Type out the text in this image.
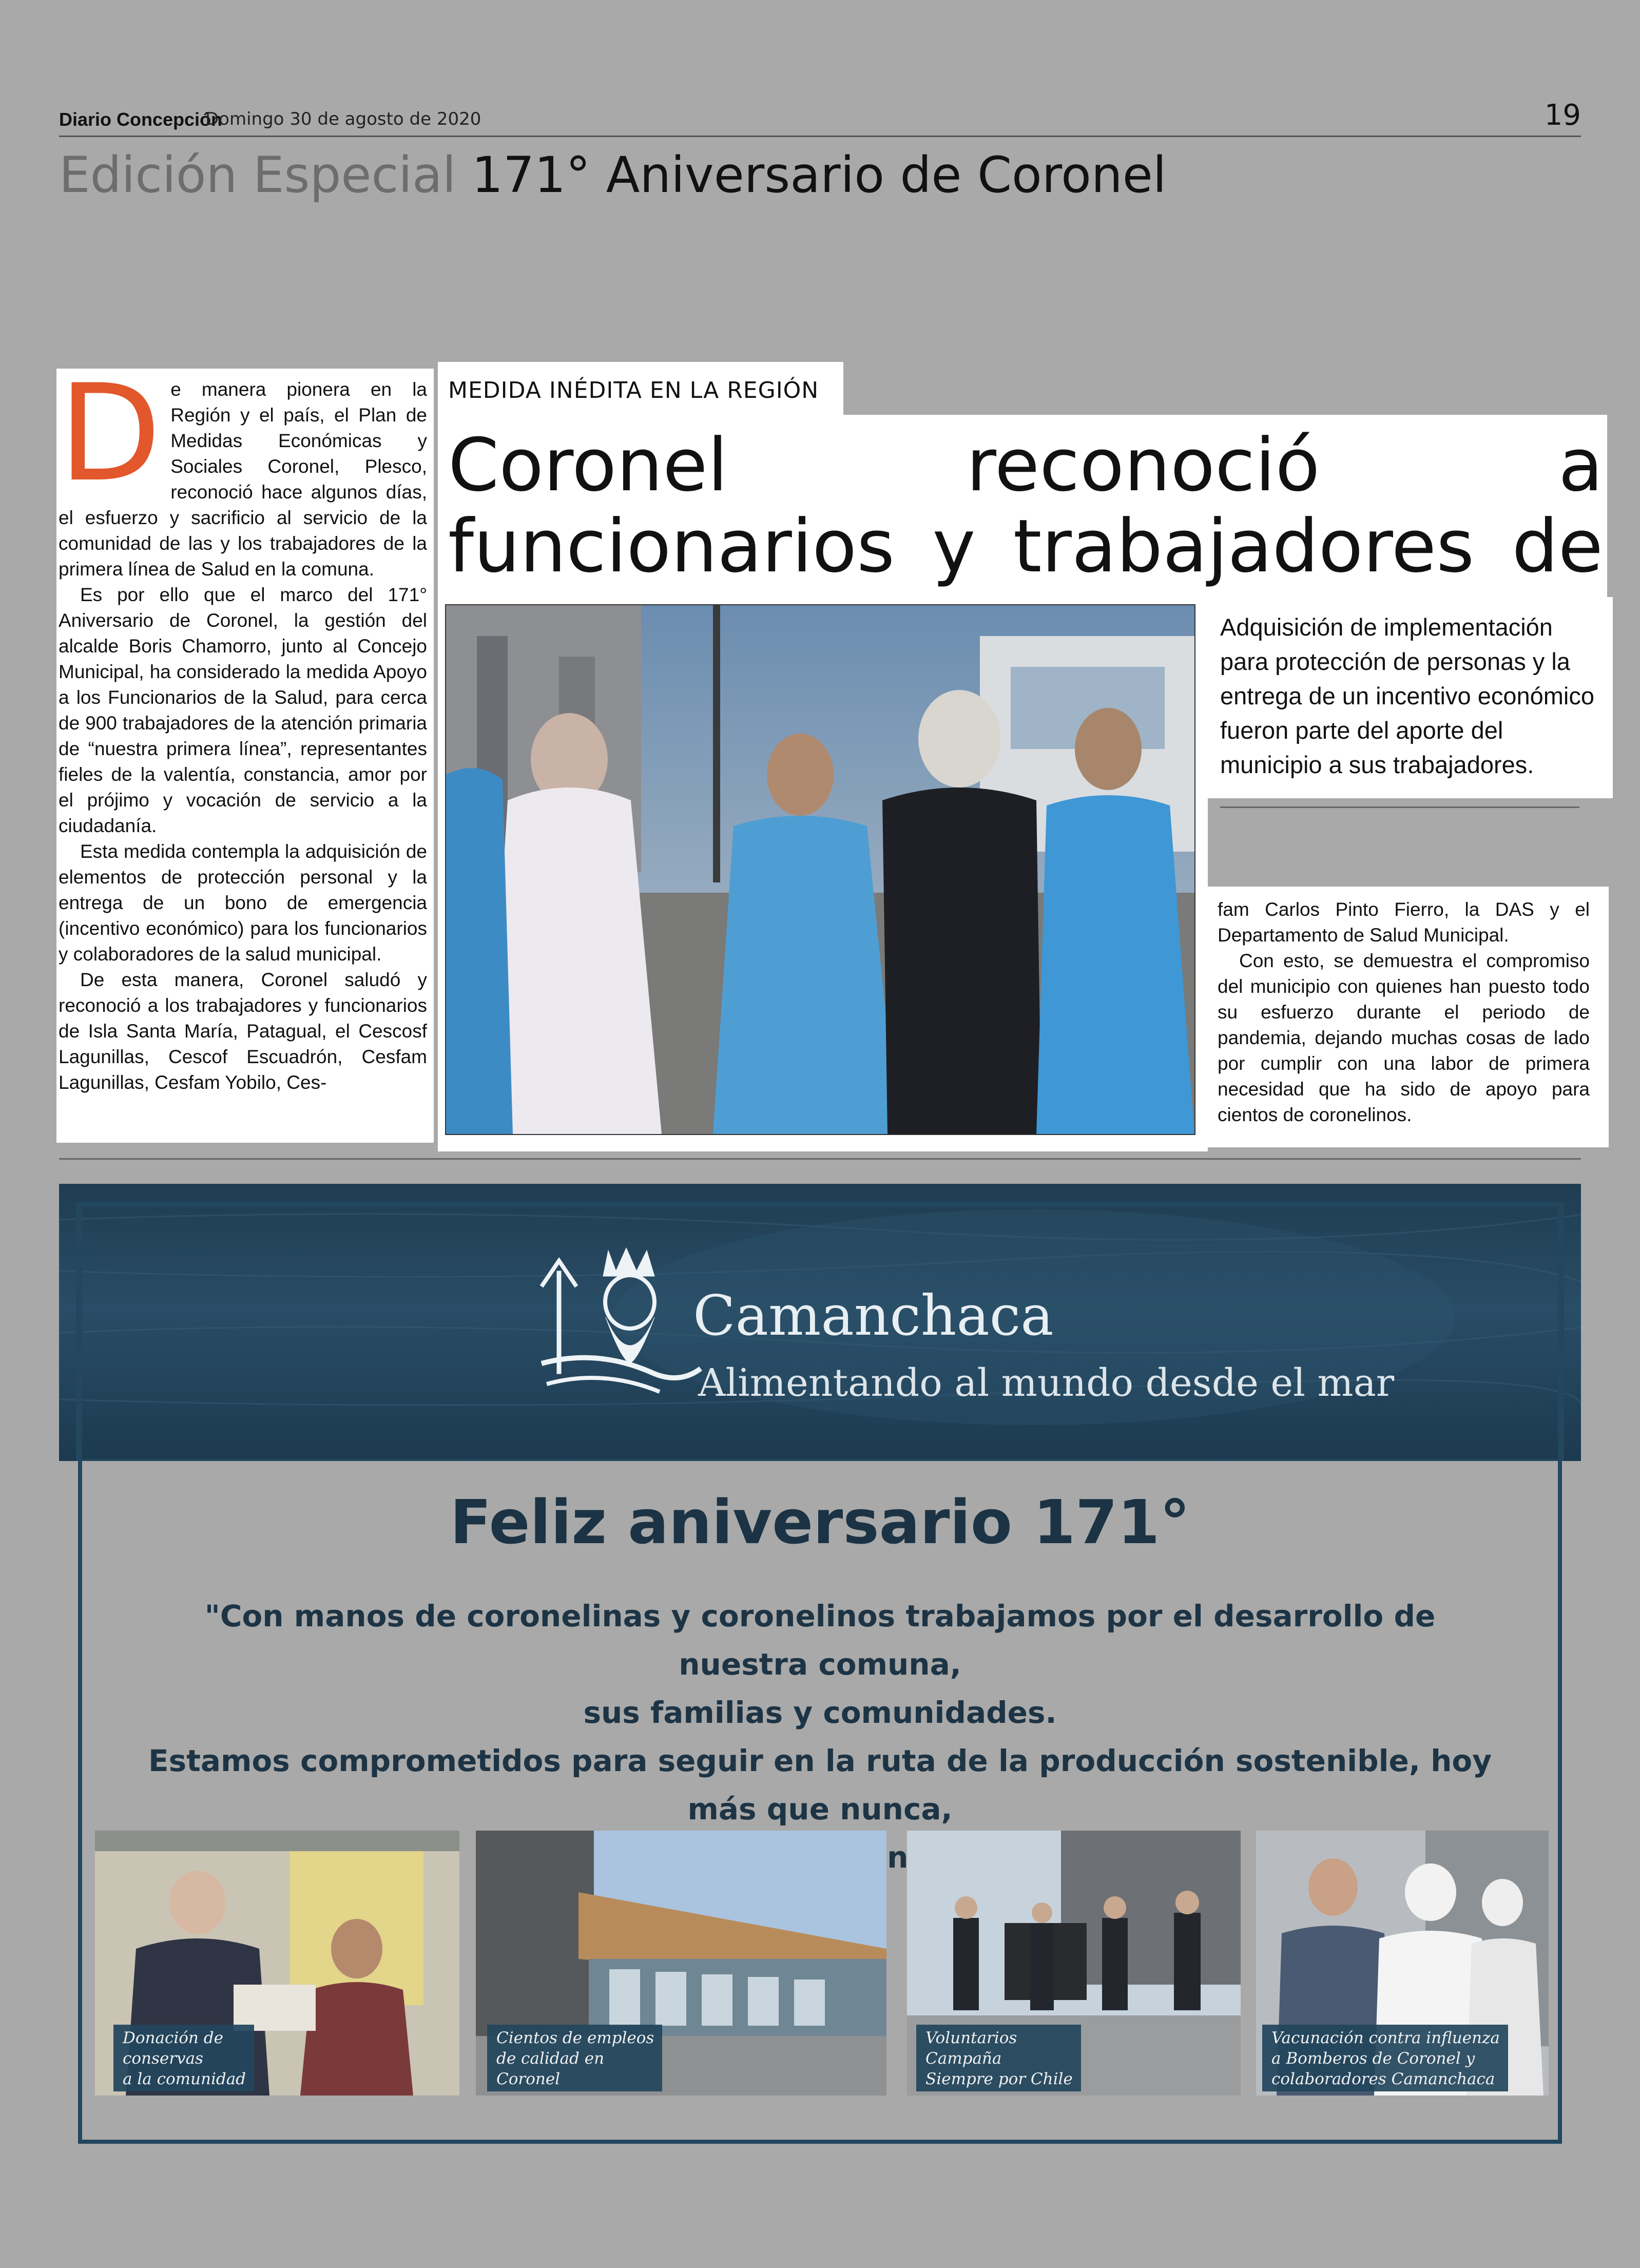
Diario Concepción
Domingo 30 de agosto de 2020	19
Edición Especial 171° Aniversario de Coronel
D e manera pionera en la Región y el país, el Plan de Medidas Económicas y Sociales Coronel, Plesco, reconoció hace algunos días, el esfuerzo y sacrificio al servicio de la comunidad de las y los trabajadores de la primera línea de Salud en la comuna.

Es por ello que el marco del 171° Aniversario de Coronel, la gestión del alcalde Boris Chamorro, junto al Concejo Municipal, ha considerado la medida Apoyo a los Funcionarios de la Salud, para cerca de 900 trabajadores de la atención primaria de “nuestra primera línea”, representantes fieles de la valentía, constancia, amor por el prójimo y vocación de servicio a la ciudadanía.

Esta medida contempla la adquisición de elementos de protección personal y la entrega de un bono de emergencia (incentivo económico) para los funcionarios y colaboradores de la salud municipal.

De esta manera, Coronel saludó y reconoció a los trabajadores y funcionarios de Isla Santa María, Patagual, el Cescosf Lagunillas, Cescof Escuadrón, Cesfam Lagunillas, Cesfam Yobilo, Ces-

MEDIDA INÉDITA EN LA REGIÓN
Coronel reconoció a funcionarios y trabajadores de
Adquisición de implementación para protección de personas y la entrega de un incentivo económico fueron parte del aporte del municipio a sus trabajadores.

fam Carlos Pinto Fierro, la DAS y el Departamento de Salud Municipal.

Con esto, se demuestra el compromiso del municipio con quienes han puesto todo su esfuerzo durante el periodo de pandemia, dejando muchas cosas de lado por cumplir con una labor de primera necesidad que ha sido de apoyo para cientos de coronelinos.

Camanchaca
Alimentando al mundo desde el mar
Feliz aniversario 171°
"Con manos de coronelinas y coronelinos trabajamos por el desarrollo de nuestra comuna,
sus familias y comunidades.
Estamos comprometidos para seguir en la ruta de la producción sostenible, hoy más que nunca,
comunidad.”
Donación de
conservas
a la comunidad
Cientos de empleos
de calidad en
Coronel
Voluntarios
Campaña
Siempre por Chile
Vacunación contra influenza
a Bomberos de Coronel y
colaboradores Camanchaca
